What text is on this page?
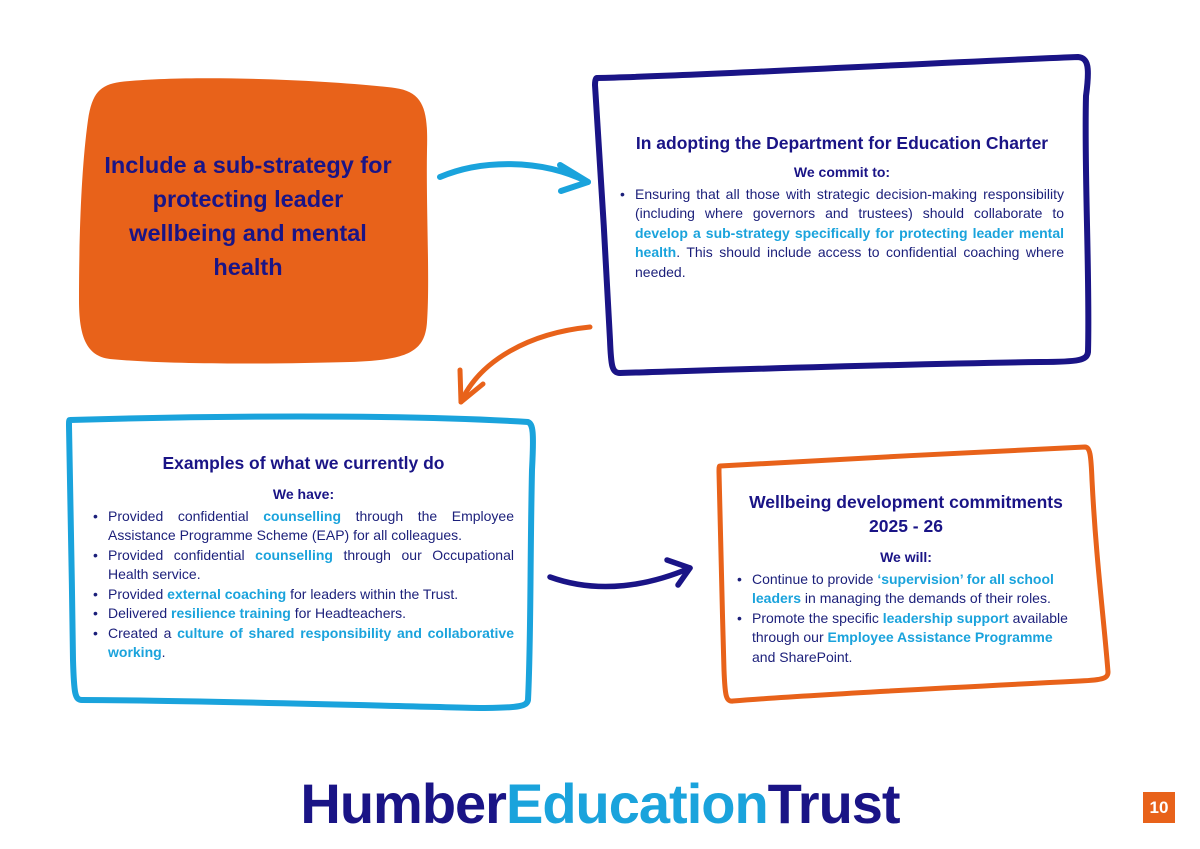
Include a sub-strategy for protecting leader wellbeing and mental health
In adopting the Department for Education Charter

We commit to:

• Ensuring that all those with strategic decision-making responsibility (including where governors and trustees) should collaborate to develop a sub-strategy specifically for protecting leader mental health. This should include access to confidential coaching where needed.
Examples of what we currently do

We have:

• Provided confidential counselling through the Employee Assistance Programme Scheme (EAP) for all colleagues.
• Provided confidential counselling through our Occupational Health service.
• Provided external coaching for leaders within the Trust.
• Delivered resilience training for Headteachers.
• Created a culture of shared responsibility and collaborative working.
Wellbeing development commitments
2025 - 26

We will:

• Continue to provide ‘supervision’ for all school leaders in managing the demands of their roles.
• Promote the specific leadership support available through our Employee Assistance Programme and SharePoint.
HumberEducationTrust	10
